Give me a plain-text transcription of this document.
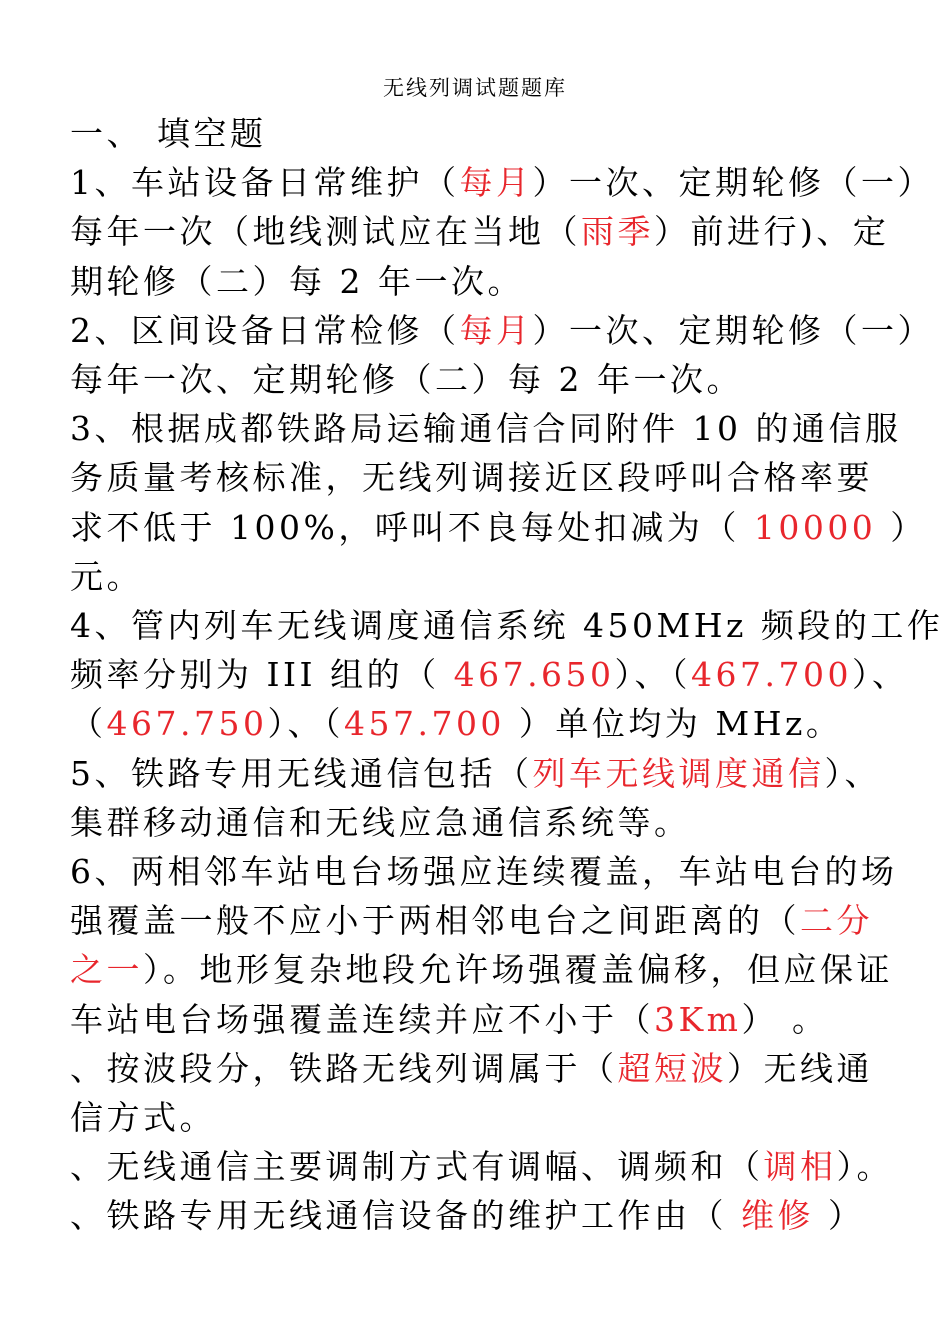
无线列调试题题库
一、 填空题
1、车站设备日常维护（每月）一次、定期轮修（一）
每年一次（地线测试应在当地（雨季）前进行)、定
期轮修（二）每 2 年一次。
2、区间设备日常检修（每月）一次、定期轮修（一）
每年一次、定期轮修（二）每 2 年一次。
3、根据成都铁路局运输通信合同附件 10 的通信服
务质量考核标准，无线列调接近区段呼叫合格率要
求不低于 100%，呼叫不良每处扣减为（ 10000 ）
元。
4、管内列车无线调度通信系统 450MHz 频段的工作
频率分别为 III 组的（ 467.650）、（467.700）、
（467.750）、（457.700 ）单位均为 MHz。
5、铁路专用无线通信包括（列车无线调度通信）、
集群移动通信和无线应急通信系统等。
6、两相邻车站电台场强应连续覆盖，车站电台的场
强覆盖一般不应小于两相邻电台之间距离的（二分
之一）。地形复杂地段允许场强覆盖偏移，但应保证
车站电台场强覆盖连续并应不小于（3Km） 。
、按波段分，铁路无线列调属于（超短波）无线通
信方式。
、无线通信主要调制方式有调幅、调频和（调相）。
、铁路专用无线通信设备的维护工作由（ 维修 ）
